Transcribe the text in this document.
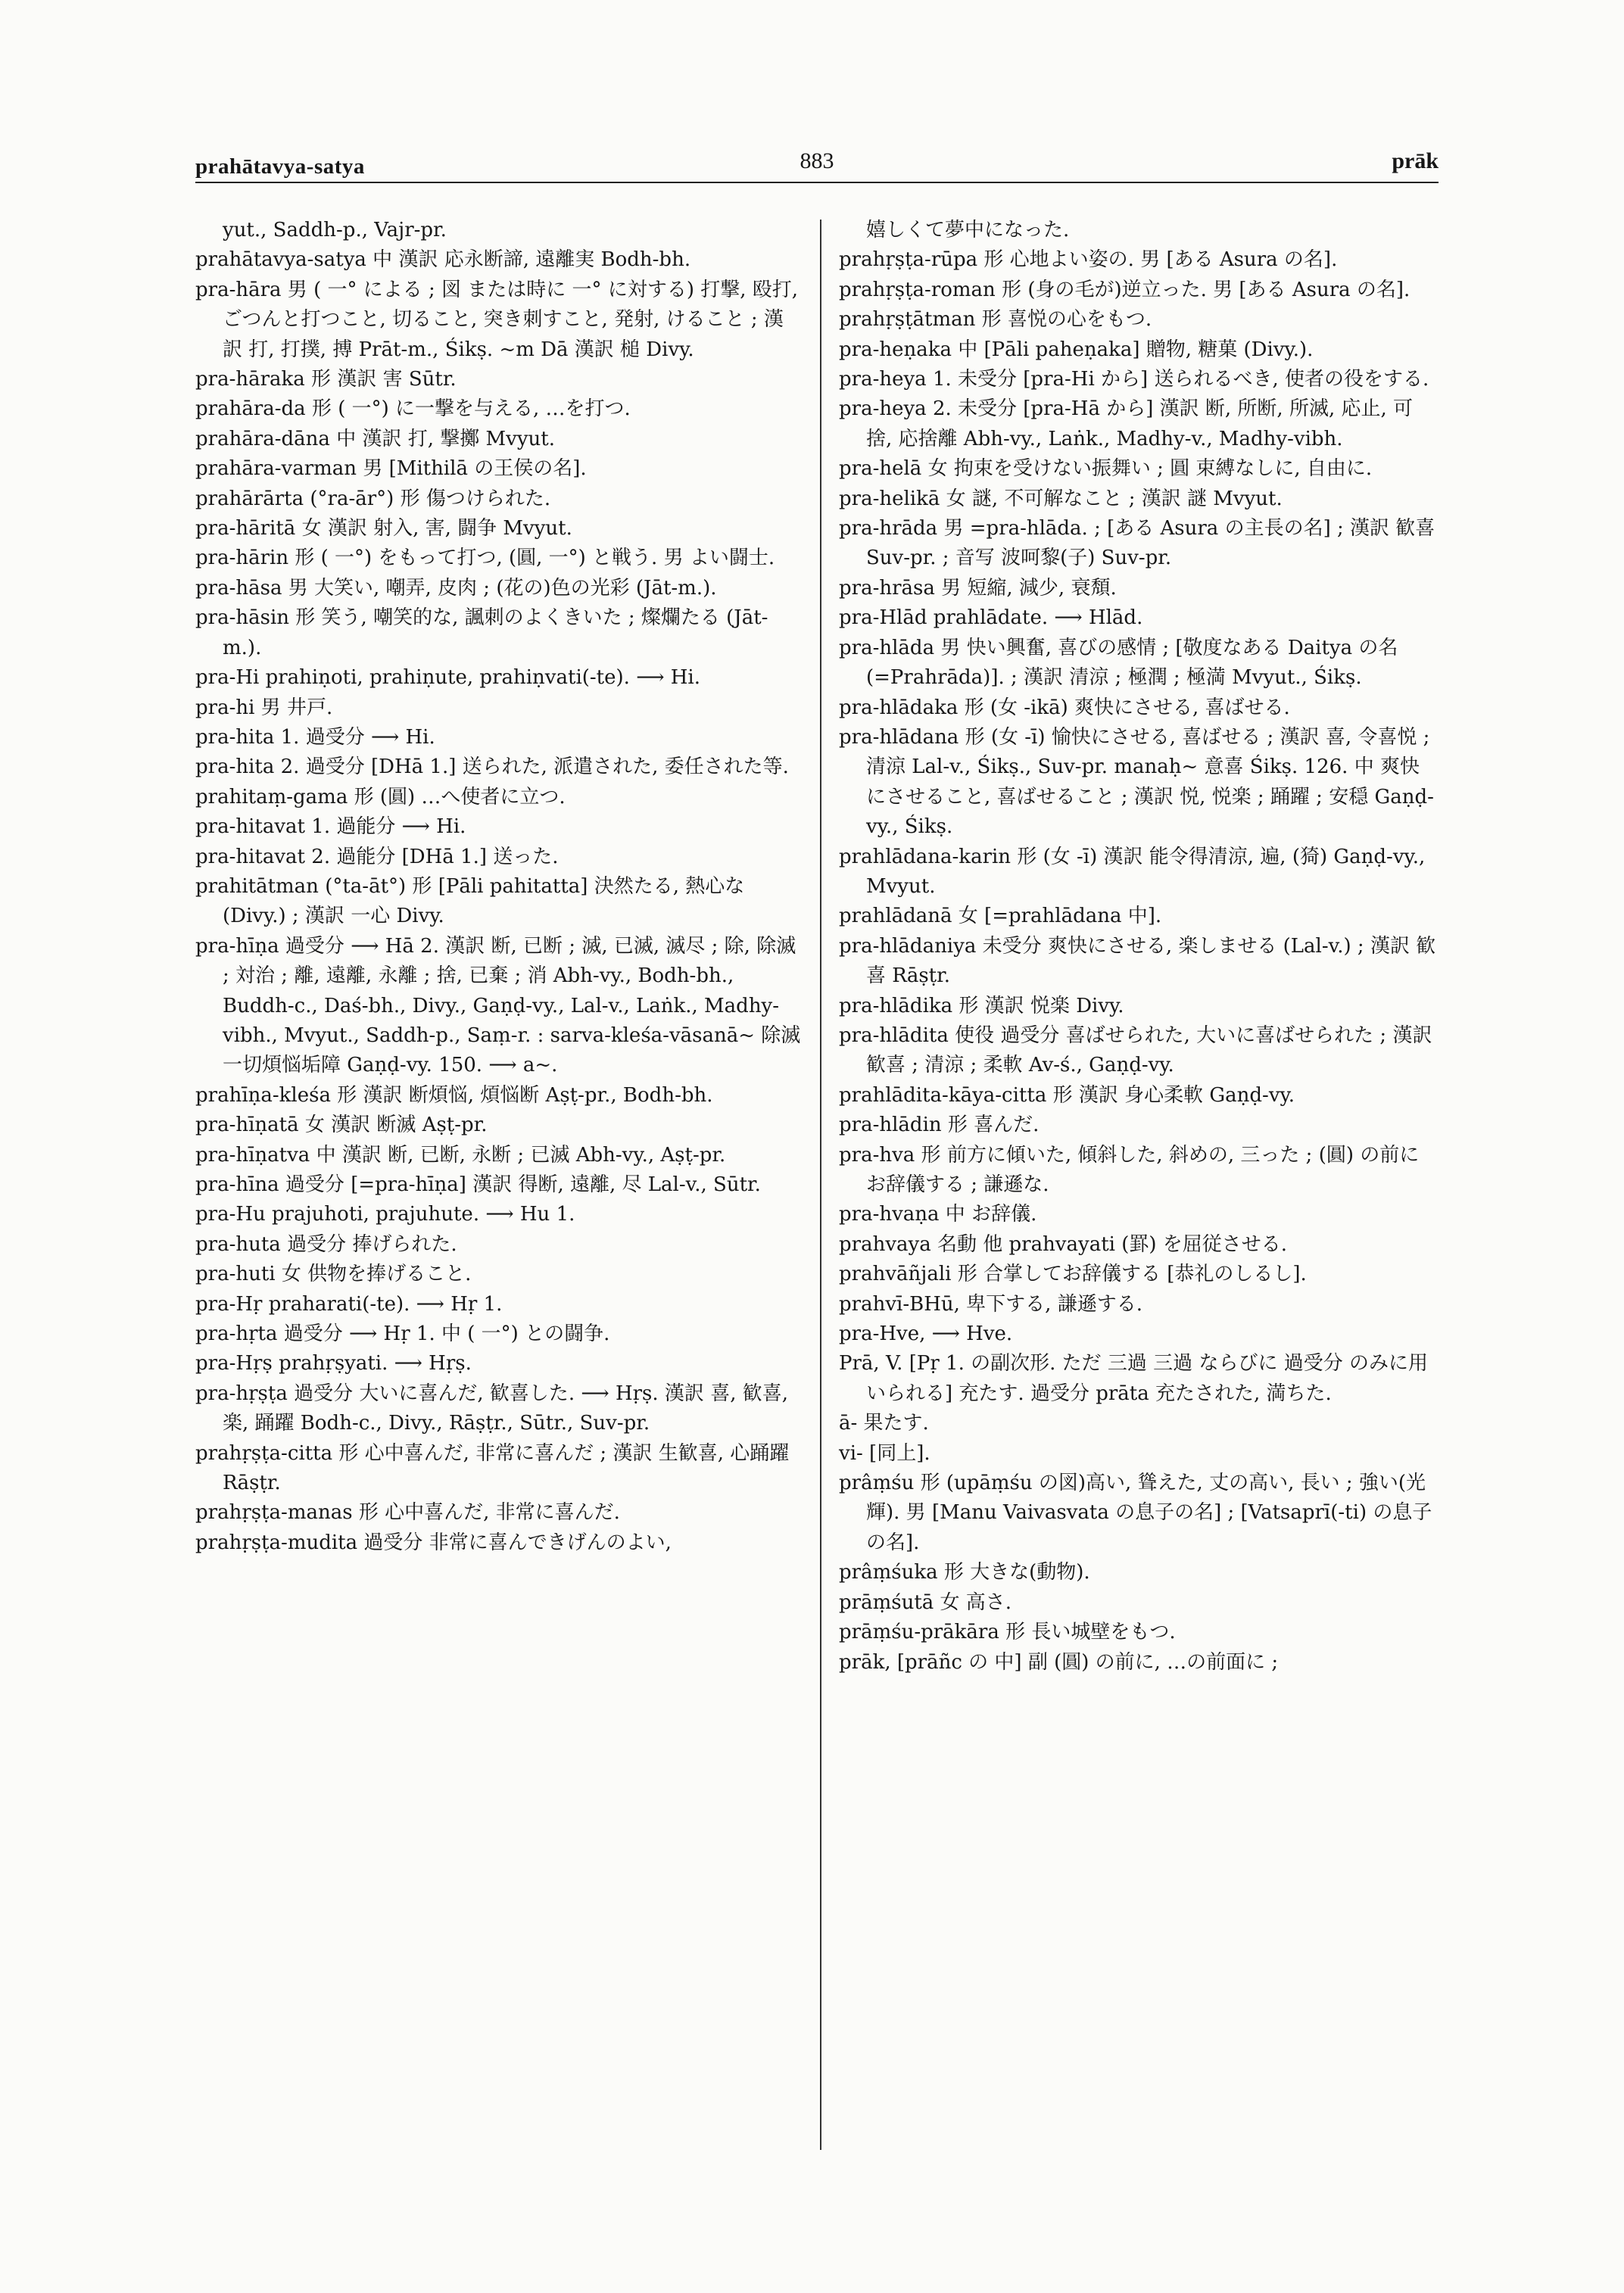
prahātavya-satya	883	prāk
yut., Saddh-p., Vajr-pr.
prahātavya-satya 中 漢訳 応永断諦, 遠離実 Bodh-bh.
pra-hāra 男 ( 一° による ; 図 または時に 一° に対する) 打撃, 殴打, ごつんと打つこと, 切ること, 突き刺すこと, 発射, けること ; 漢訳 打, 打撲, 搏 Prāt-m., Śikṣ. ~m Dā 漢訳 槌 Divy.
pra-hāraka 形 漢訳 害 Sūtr.
prahāra-da 形 ( 一°) に一撃を与える, …を打つ.
prahāra-dāna 中 漢訳 打, 撃擲 Mvyut.
prahāra-varman 男 [Mithilā の王侯の名].
prahārārta (°ra-ār°) 形 傷つけられた.
pra-hāritā 女 漢訳 射入, 害, 闘争 Mvyut.
pra-hārin 形 ( 一°) をもって打つ, (圓, 一°) と戦う. 男 よい闘士.
pra-hāsa 男 大笑い, 嘲弄, 皮肉 ; (花の)色の光彩 (Jāt-m.).
pra-hāsin 形 笑う, 嘲笑的な, 諷刺のよくきいた ; 燦爛たる (Jāt-m.).
pra-Hi prahiṇoti, prahiṇute, prahiṇvati(-te). ⟶ Hi.
pra-hi 男 井戸.
pra-hita 1. 過受分 ⟶ Hi.
pra-hita 2. 過受分 [DHā 1.] 送られた, 派遣された, 委任された等.
prahitaṃ-gama 形 (圓) …へ使者に立つ.
pra-hitavat 1. 過能分 ⟶ Hi.
pra-hitavat 2. 過能分 [DHā 1.] 送った.
prahitātman (°ta-āt°) 形 [Pāli pahitatta] 決然たる, 熱心な (Divy.) ; 漢訳 一心 Divy.
pra-hīṇa 過受分 ⟶ Hā 2. 漢訳 断, 已断 ; 滅, 已滅, 滅尽 ; 除, 除滅 ; 対治 ; 離, 遠離, 永離 ; 捨, 已棄 ; 消 Abh-vy., Bodh-bh., Buddh-c., Daś-bh., Divy., Gaṇḍ-vy., Lal-v., Laṅk., Madhy-vibh., Mvyut., Saddh-p., Saṃ-r. : sarva-kleśa-vāsanā~ 除滅一切煩悩垢障 Gaṇḍ-vy. 150. ⟶ a~.
prahīṇa-kleśa 形 漢訳 断煩悩, 煩悩断 Aṣṭ-pr., Bodh-bh.
pra-hīṇatā 女 漢訳 断滅 Aṣṭ-pr.
pra-hīṇatva 中 漢訳 断, 已断, 永断 ; 已滅 Abh-vy., Aṣṭ-pr.
pra-hīna 過受分 [=pra-hīṇa] 漢訳 得断, 遠離, 尽 Lal-v., Sūtr.
pra-Hu prajuhoti, prajuhute. ⟶ Hu 1.
pra-huta 過受分 捧げられた.
pra-huti 女 供物を捧げること.
pra-Hṛ praharati(-te). ⟶ Hṛ 1.
pra-hṛta 過受分 ⟶ Hṛ 1. 中 ( 一°) との闘争.
pra-Hṛṣ prahṛṣyati. ⟶ Hṛṣ.
pra-hṛṣṭa 過受分 大いに喜んだ, 歓喜した. ⟶ Hṛṣ. 漢訳 喜, 歓喜, 楽, 踊躍 Bodh-c., Divy., Rāṣṭr., Sūtr., Suv-pr.
prahṛṣṭa-citta 形 心中喜んだ, 非常に喜んだ ; 漢訳 生歓喜, 心踊躍 Rāṣṭr.
prahṛṣṭa-manas 形 心中喜んだ, 非常に喜んだ.
prahṛṣṭa-mudita 過受分 非常に喜んできげんのよい,
嬉しくて夢中になった.
prahṛṣṭa-rūpa 形 心地よい姿の. 男 [ある Asura の名].
prahṛṣṭa-roman 形 (身の毛が)逆立った. 男 [ある Asura の名].
prahṛṣṭātman 形 喜悦の心をもつ.
pra-heṇaka 中 [Pāli paheṇaka] 贈物, 糖菓 (Divy.).
pra-heya 1. 未受分 [pra-Hi から] 送られるべき, 使者の役をする.
pra-heya 2. 未受分 [pra-Hā から] 漢訳 断, 所断, 所滅, 応止, 可捨, 応捨離 Abh-vy., Laṅk., Madhy-v., Madhy-vibh.
pra-helā 女 拘束を受けない振舞い ; 圓 束縛なしに, 自由に.
pra-helikā 女 謎, 不可解なこと ; 漢訳 謎 Mvyut.
pra-hrāda 男 =pra-hlāda. ; [ある Asura の主長の名] ; 漢訳 歓喜 Suv-pr. ; 音写 波呵黎(子) Suv-pr.
pra-hrāsa 男 短縮, 減少, 衰頽.
pra-Hlād prahlādate. ⟶ Hlād.
pra-hlāda 男 快い興奮, 喜びの感情 ; [敬度なある Daitya の名 (=Prahrāda)]. ; 漢訳 清涼 ; 極潤 ; 極満 Mvyut., Śikṣ.
pra-hlādaka 形 (女 -ikā) 爽快にさせる, 喜ばせる.
pra-hlādana 形 (女 -ī) 愉快にさせる, 喜ばせる ; 漢訳 喜, 令喜悦 ; 清涼 Lal-v., Śikṣ., Suv-pr. manaḥ~ 意喜 Śikṣ. 126. 中 爽快にさせること, 喜ばせること ; 漢訳 悦, 悦楽 ; 踊躍 ; 安穏 Gaṇḍ-vy., Śikṣ.
prahlādana-karin 形 (女 -ī) 漢訳 能令得清涼, 遍, (猗) Gaṇḍ-vy., Mvyut.
prahlādanā 女 [=prahlādana 中].
pra-hlādaniya 未受分 爽快にさせる, 楽しませる (Lal-v.) ; 漢訳 歓喜 Rāṣṭr.
pra-hlādika 形 漢訳 悦楽 Divy.
pra-hlādita 使役 過受分 喜ばせられた, 大いに喜ばせられた ; 漢訳 歓喜 ; 清涼 ; 柔軟 Av-ś., Gaṇḍ-vy.
prahlādita-kāya-citta 形 漢訳 身心柔軟 Gaṇḍ-vy.
pra-hlādin 形 喜んだ.
pra-hva 形 前方に傾いた, 傾斜した, 斜めの, 三った ; (圓) の前にお辞儀する ; 謙遜な.
pra-hvaṇa 中 お辞儀.
prahvaya 名動 他 prahvayati (罫) を屈従させる.
prahvāñjali 形 合掌してお辞儀する [恭礼のしるし].
prahvī-BHū, 卑下する, 謙遜する.
pra-Hve, ⟶ Hve.
Prā, V. [Pṛ 1. の副次形. ただ 三過 三過 ならびに 過受分 のみに用いられる] 充たす. 過受分 prāta 充たされた, 満ちた.
ā- 果たす.
vi- [同上].
prâṃśu 形 (upāṃśu の図)高い, 聳えた, 丈の高い, 長い ; 強い(光輝). 男 [Manu Vaivasvata の息子の名] ; [Vatsaprī(-ti) の息子の名].
prâṃśuka 形 大きな(動物).
prāṃśutā 女 高さ.
prāṃśu-prākāra 形 長い城壁をもつ.
prāk, [prāñc の 中] 副 (圓) の前に, …の前面に ;
